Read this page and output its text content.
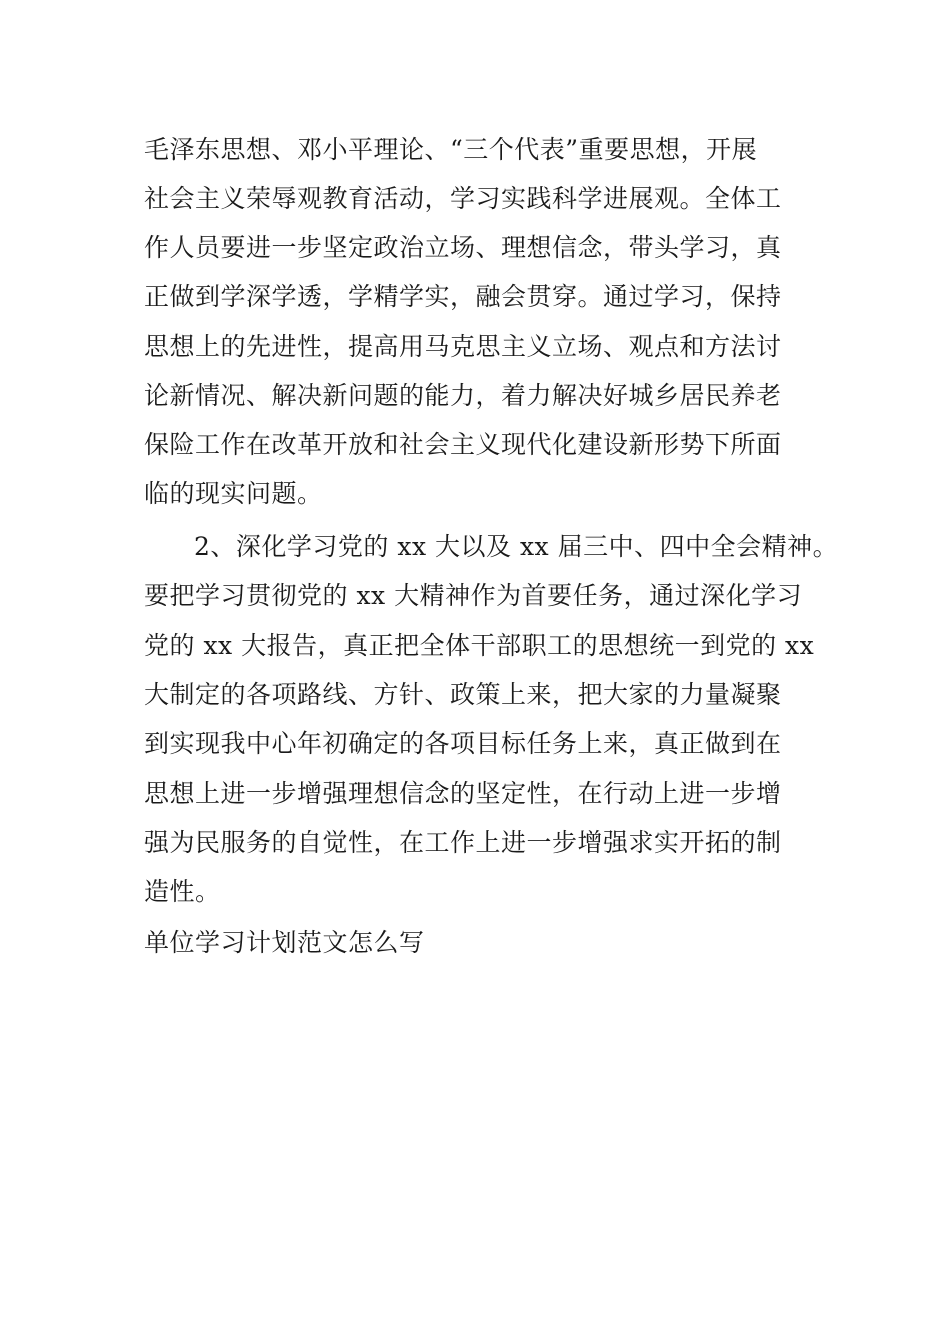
毛泽东思想、邓小平理论、“三个代表”重要思想，开展
社会主义荣辱观教育活动，学习实践科学进展观。全体工
作人员要进一步坚定政治立场、理想信念，带头学习，真
正做到学深学透，学精学实，融会贯穿。通过学习，保持
思想上的先进性，提高用马克思主义立场、观点和方法讨
论新情况、解决新问题的能力，着力解决好城乡居民养老
保险工作在改革开放和社会主义现代化建设新形势下所面
临的现实问题。
2、深化学习党的 xx 大以及 xx 届三中、四中全会精神。
要把学习贯彻党的 xx 大精神作为首要任务，通过深化学习
党的 xx 大报告，真正把全体干部职工的思想统一到党的 xx
大制定的各项路线、方针、政策上来，把大家的力量凝聚
到实现我中心年初确定的各项目标任务上来，真正做到在
思想上进一步增强理想信念的坚定性，在行动上进一步增
强为民服务的自觉性，在工作上进一步增强求实开拓的制
造性。
单位学习计划范文怎么写
